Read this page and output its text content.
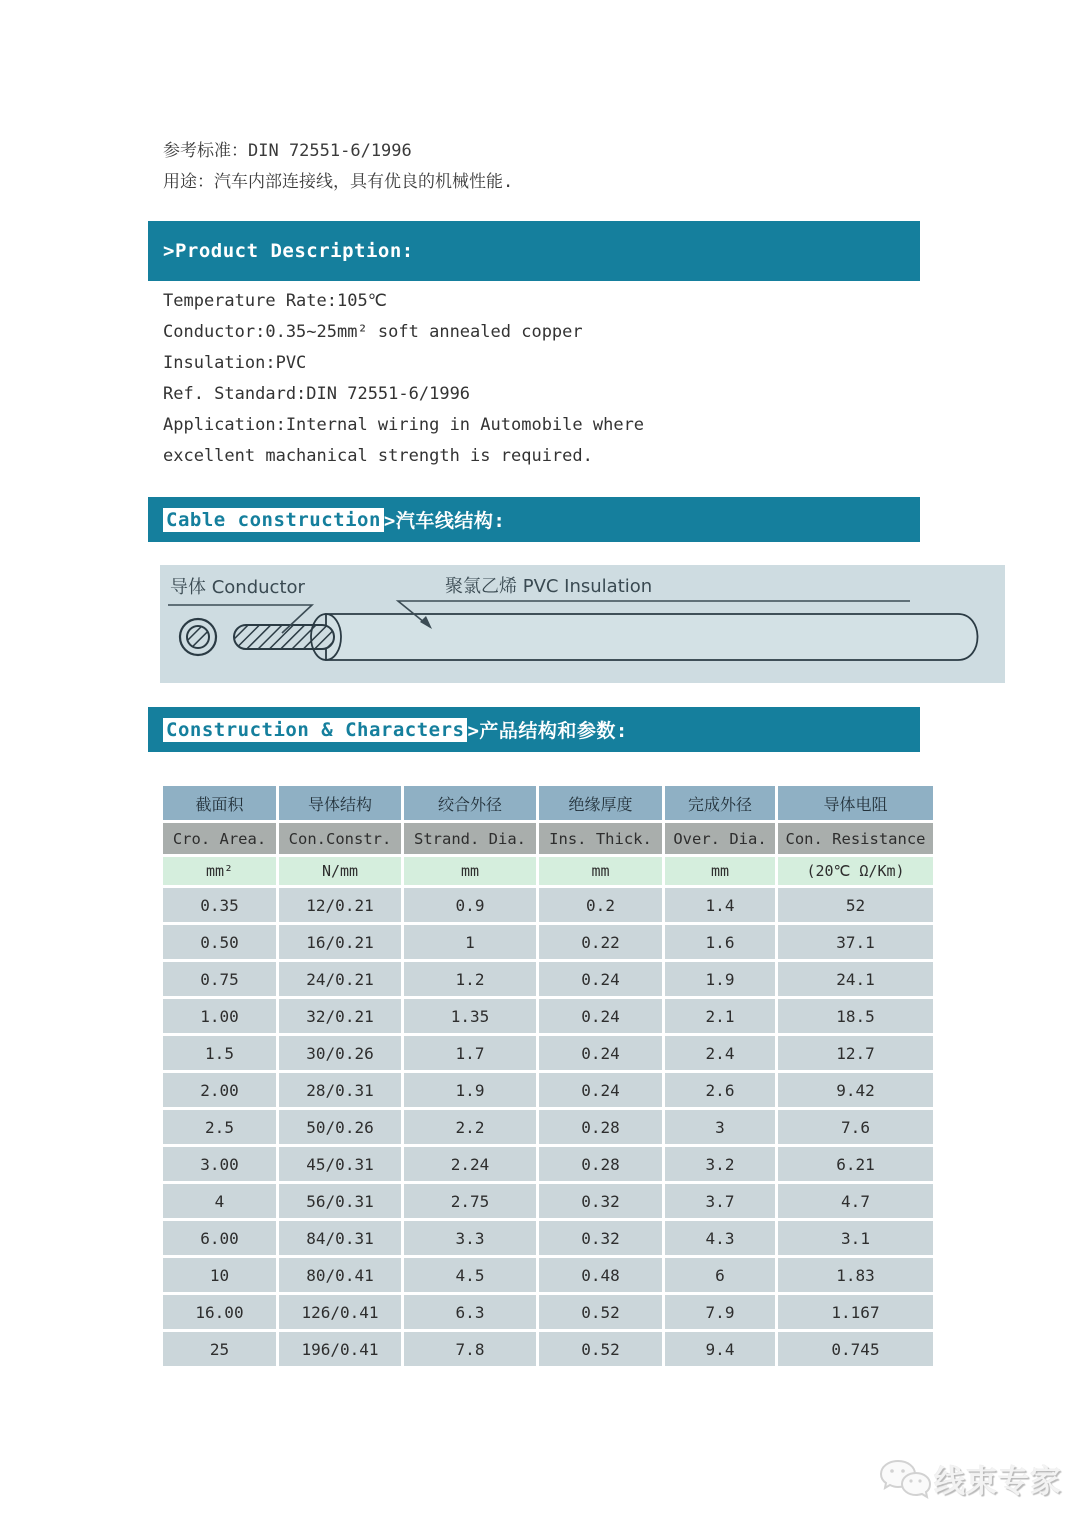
参考标准：DIN 72551-6/1996
用途：汽车内部连接线，具有优良的机械性能.
>Product Description:

Temperature Rate:105℃

Conductor:0.35~25mm² soft annealed copper

Insulation:PVC

Ref. Standard:DIN 72551-6/1996

Application:Internal wiring in Automobile where

excellent machanical strength is required.

Cable construction >汽车线结构:
导体 Conductor	聚氯乙烯 PVC Insulation
Construction & Characters >产品结构和参数:
截面积	导体结构	绞合外径	绝缘厚度	完成外径	导体电阻
Cro. Area.	Con.Constr.	Strand. Dia.	Ins. Thick.	Over. Dia.	Con. Resistance
mm²	N/mm	mm	mm	mm	(20℃ Ω/Km)
0.35	12/0.21	0.9	0.2	1.4	52
0.50	16/0.21	1	0.22	1.6	37.1
0.75	24/0.21	1.2	0.24	1.9	24.1
1.00	32/0.21	1.35	0.24	2.1	18.5
1.5	30/0.26	1.7	0.24	2.4	12.7
2.00	28/0.31	1.9	0.24	2.6	9.42
2.5	50/0.26	2.2	0.28	3	7.6
3.00	45/0.31	2.24	0.28	3.2	6.21
4	56/0.31	2.75	0.32	3.7	4.7
6.00	84/0.31	3.3	0.32	4.3	3.1
10	80/0.41	4.5	0.48	6	1.83
16.00	126/0.41	6.3	0.52	7.9	1.167
25	196/0.41	7.8	0.52	9.4	0.745
线束专家
